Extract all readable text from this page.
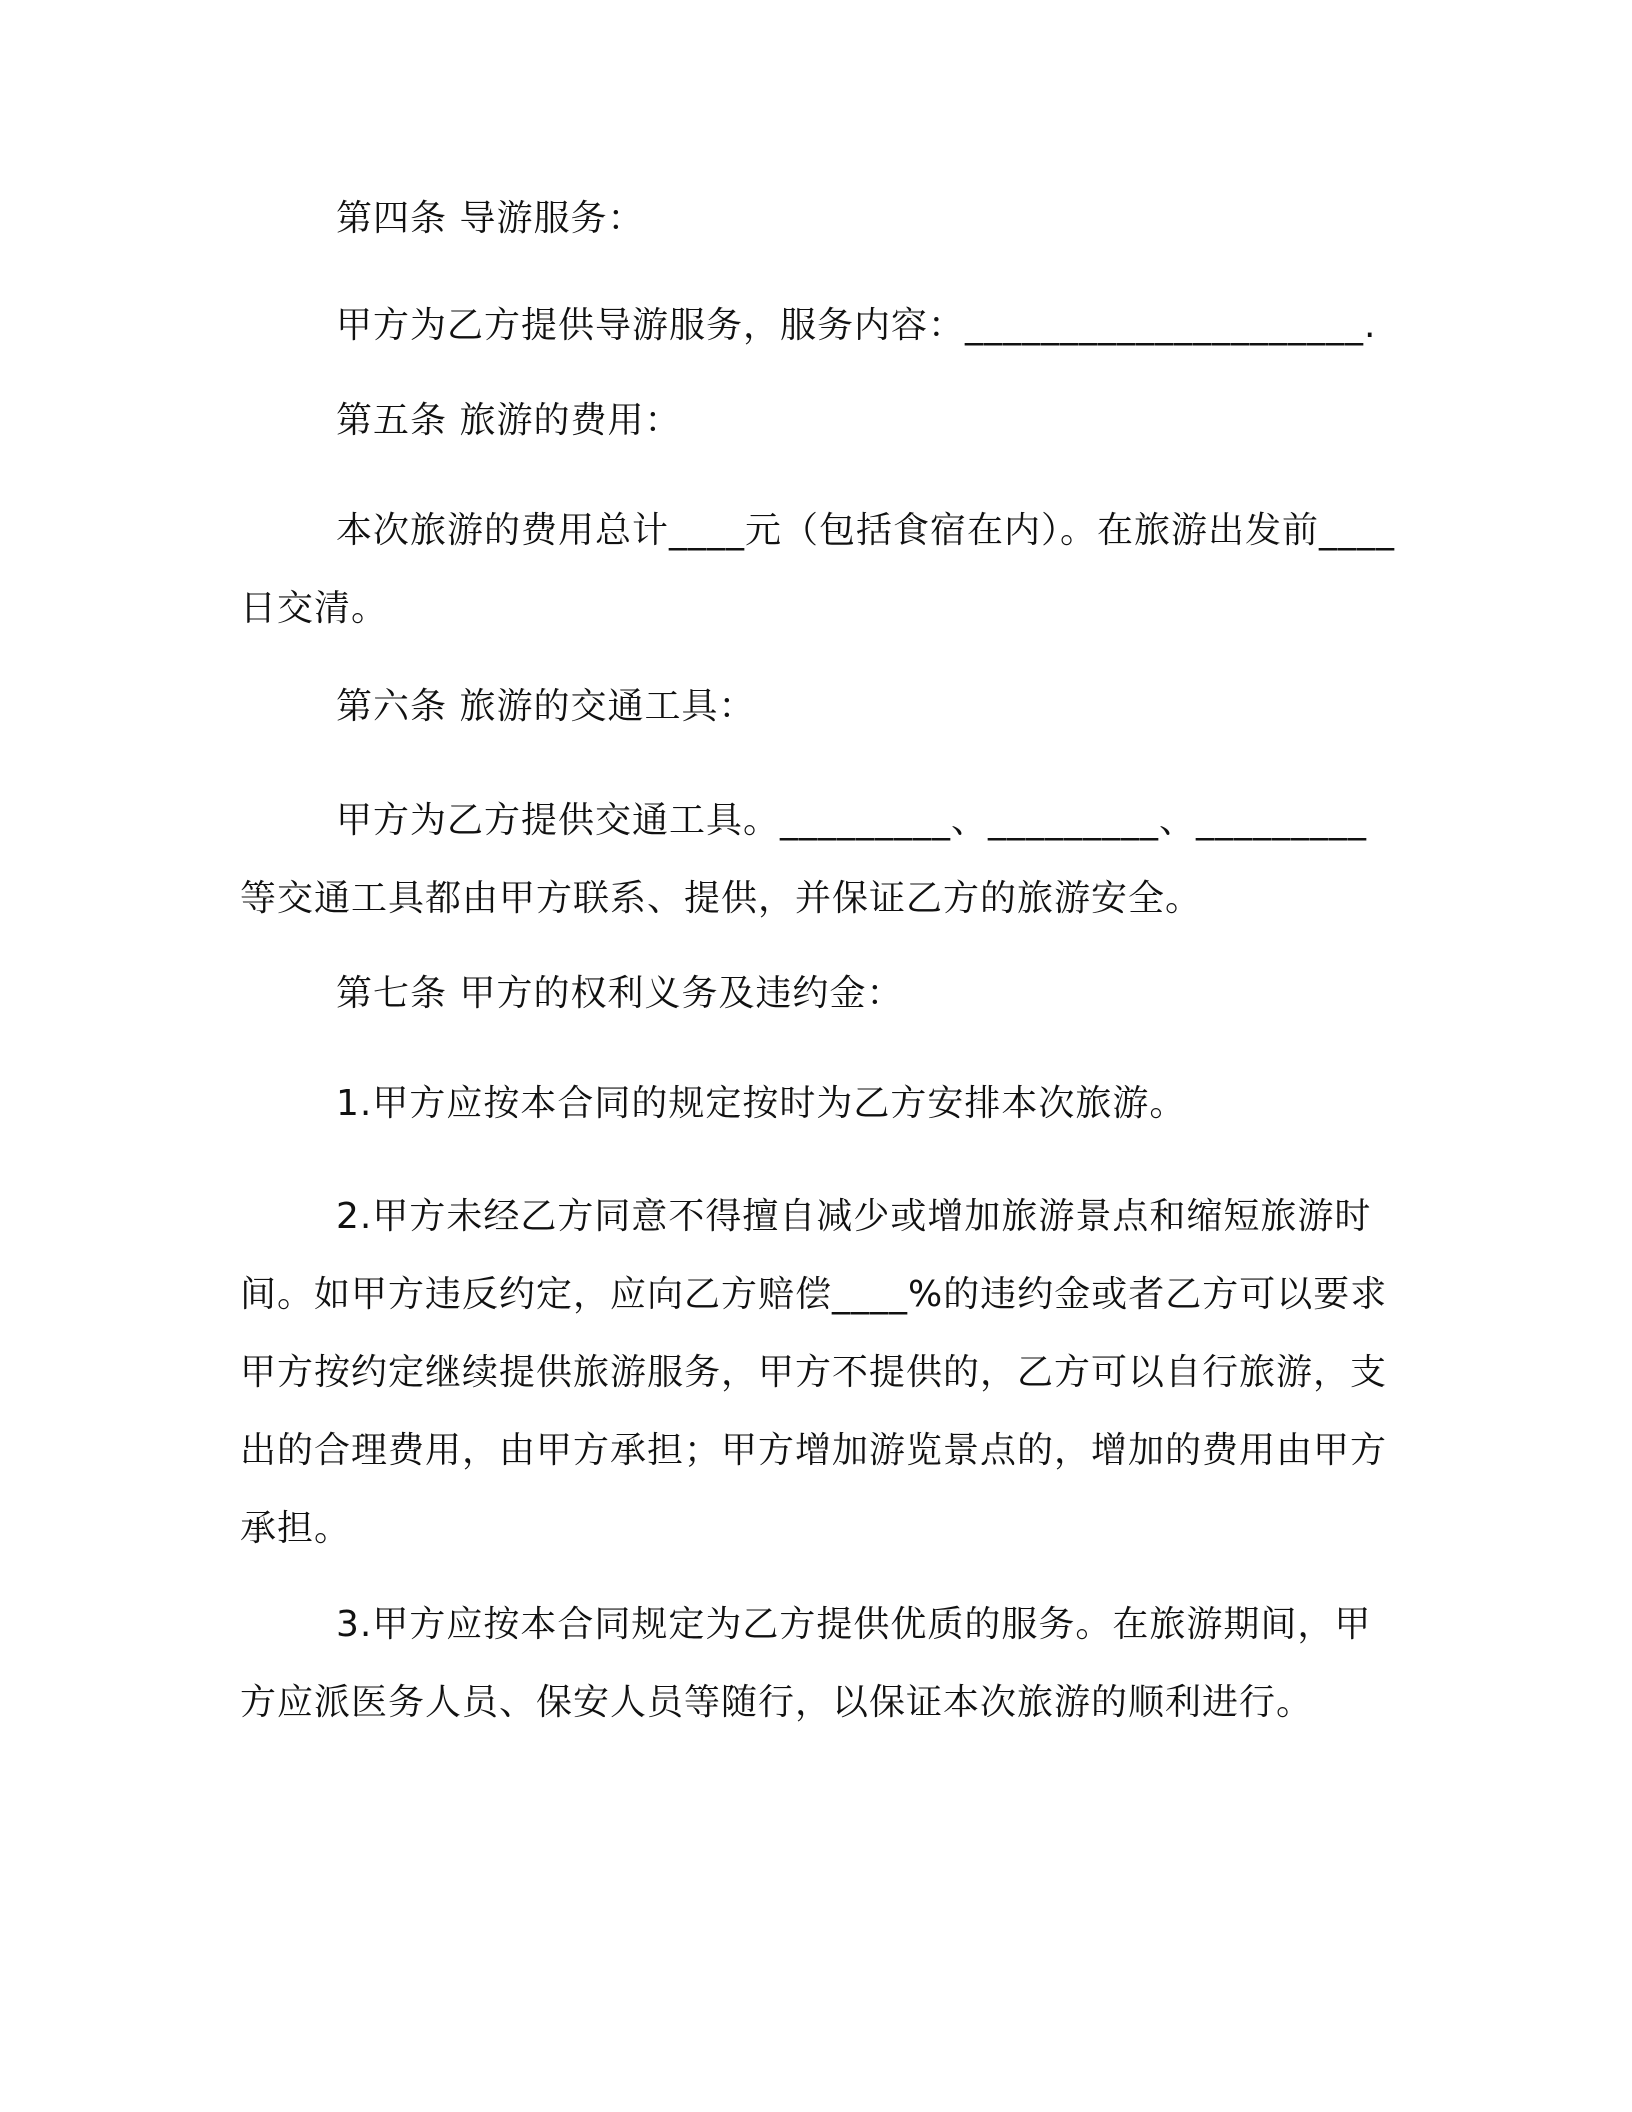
第四条 导游服务：

甲方为乙方提供导游服务，服务内容：_____________________.

第五条 旅游的费用：

本次旅游的费用总计____元（包括食宿在内）。在旅游出发前____日交清。

第六条 旅游的交通工具：

甲方为乙方提供交通工具。_________、_________、_________等交通工具都由甲方联系、提供，并保证乙方的旅游安全。

第七条 甲方的权利义务及违约金：

1.甲方应按本合同的规定按时为乙方安排本次旅游。

2.甲方未经乙方同意不得擅自减少或增加旅游景点和缩短旅游时间。如甲方违反约定，应向乙方赔偿____%的违约金或者乙方可以要求甲方按约定继续提供旅游服务，甲方不提供的，乙方可以自行旅游，支出的合理费用，由甲方承担；甲方增加游览景点的，增加的费用由甲方承担。

3.甲方应按本合同规定为乙方提供优质的服务。在旅游期间，甲方应派医务人员、保安人员等随行，以保证本次旅游的顺利进行。
